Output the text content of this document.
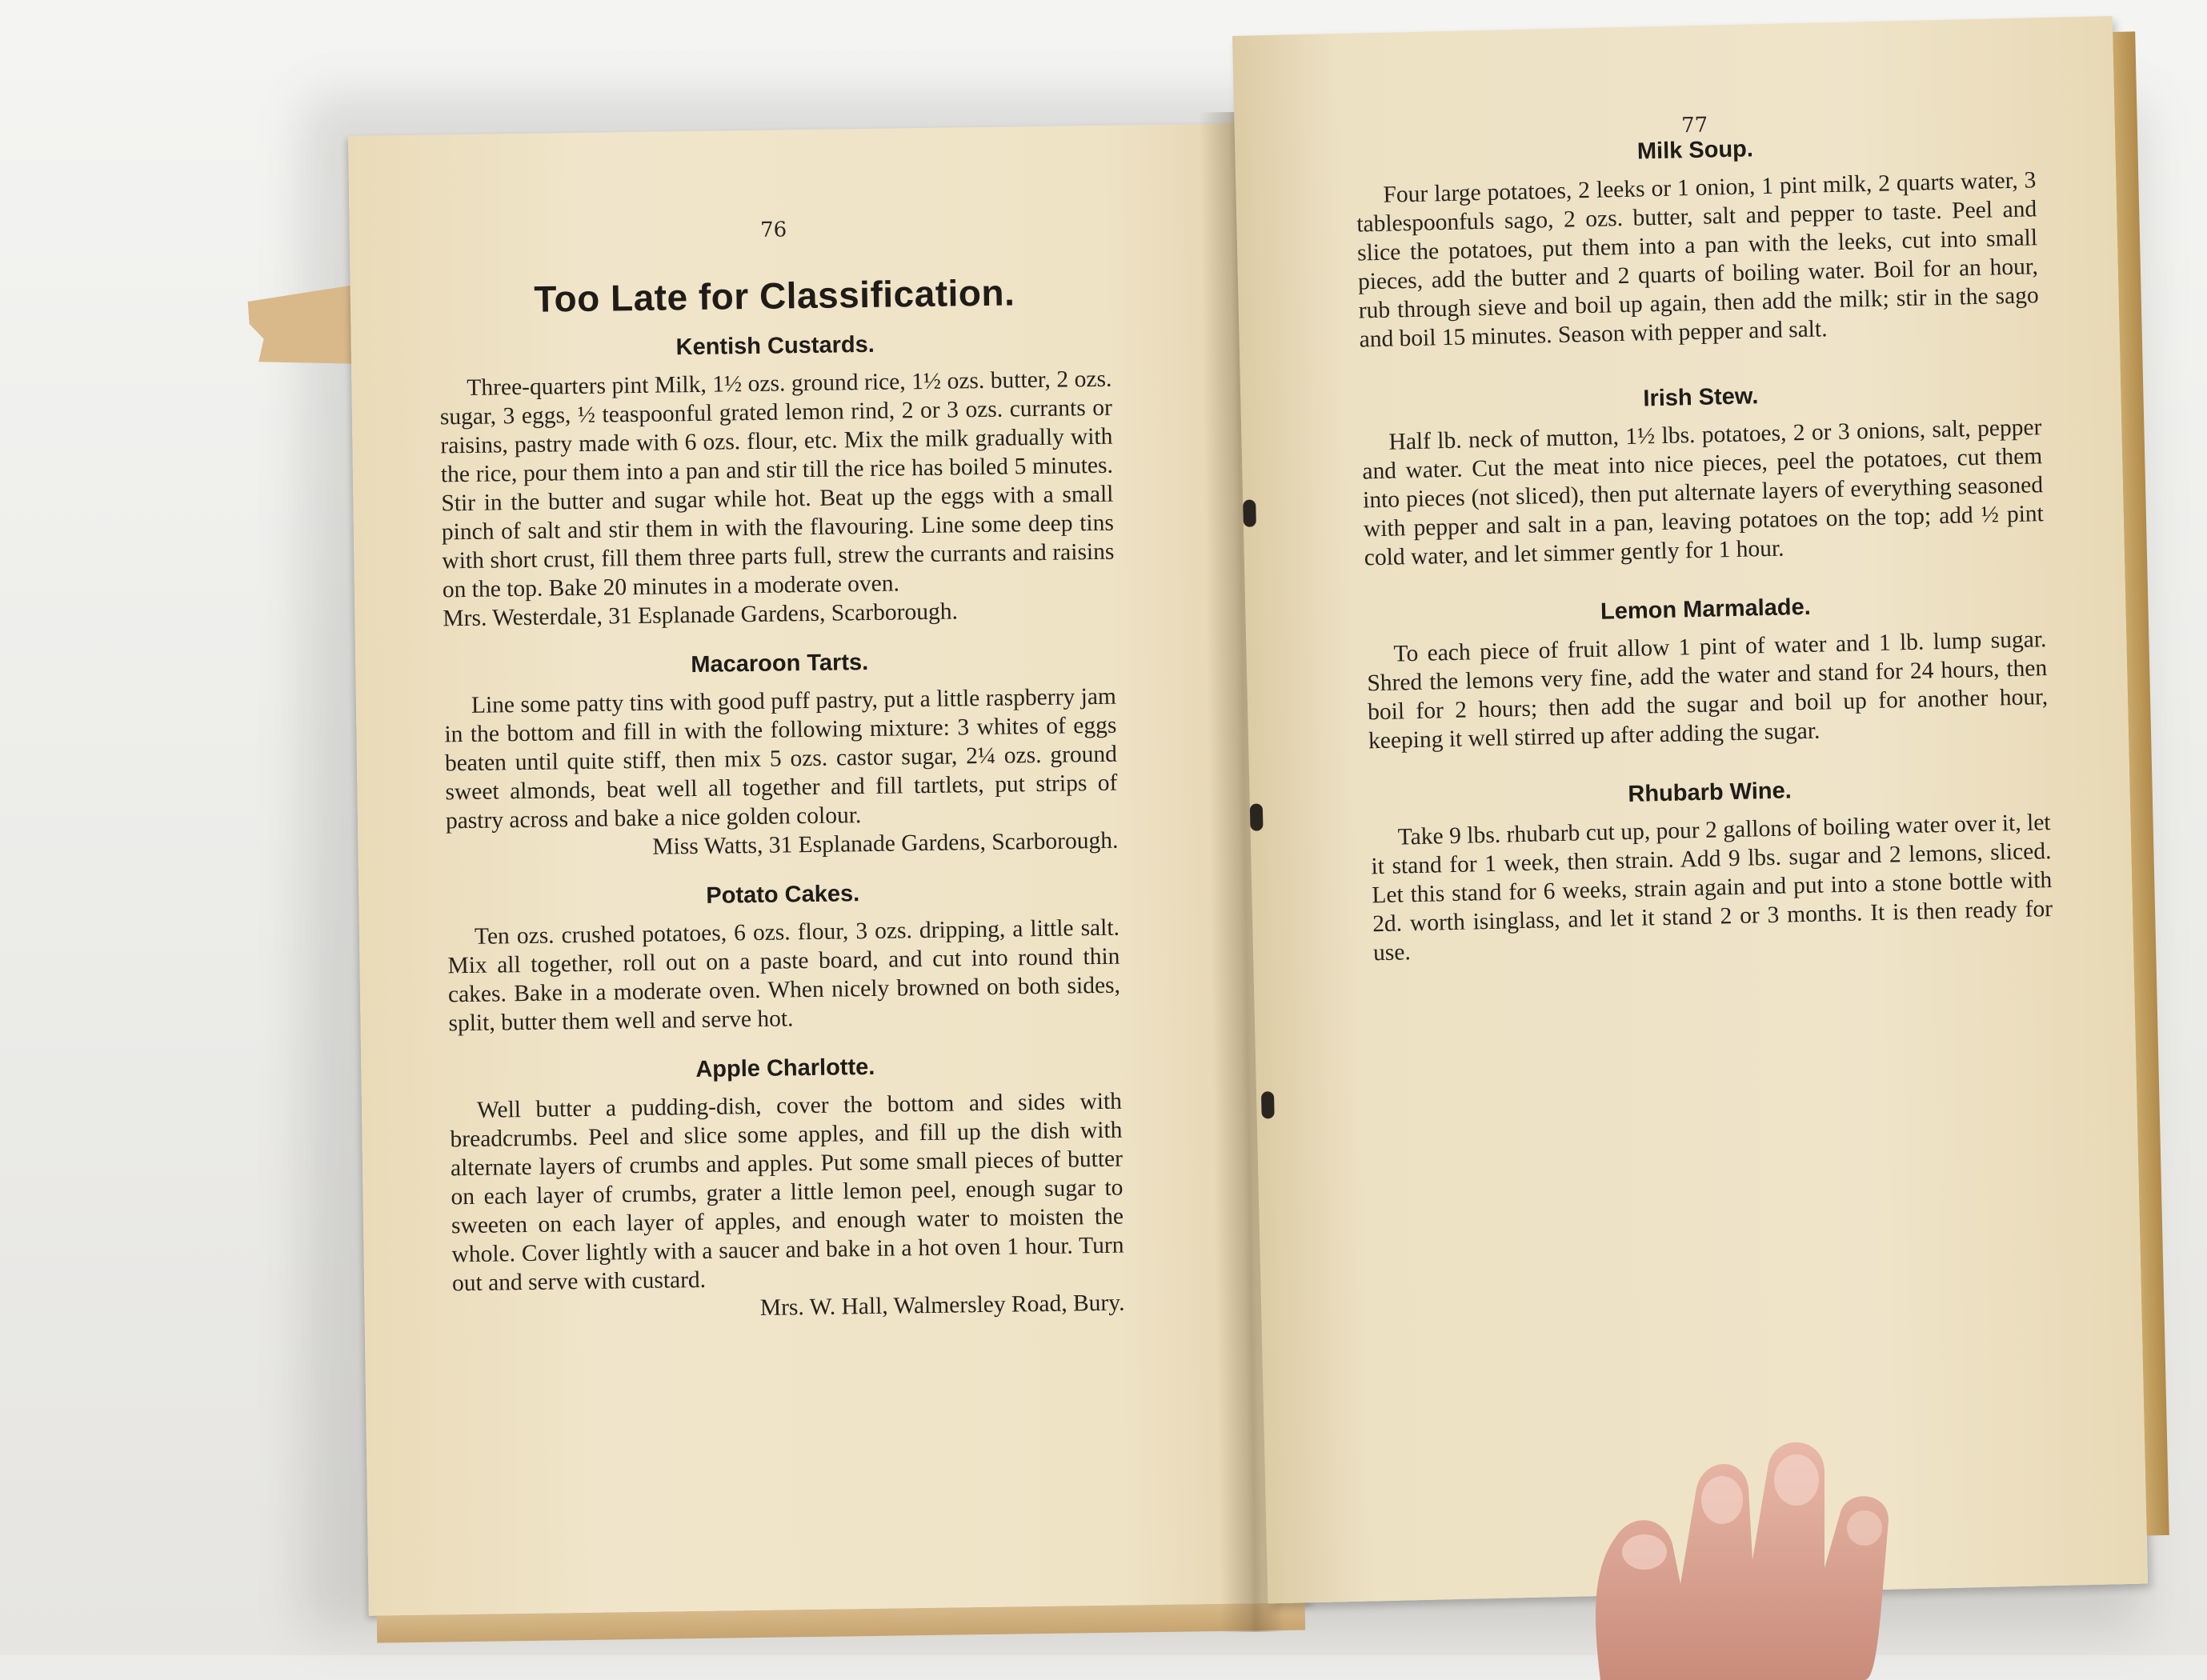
76

Too Late for Classification.
Kentish Custards.

Three-quarters pint Milk, 1½ ozs. ground rice, 1½ ozs. butter, 2 ozs. sugar, 3 eggs, ½ teaspoonful grated lemon rind, 2 or 3 ozs. currants or raisins, pastry made with 6 ozs. flour, etc. Mix the milk gradually with the rice, pour them into a pan and stir till the rice has boiled 5 minutes. Stir in the butter and sugar while hot. Beat up the eggs with a small pinch of salt and stir them in with the flavouring. Line some deep tins with short crust, fill them three parts full, strew the currants and raisins on the top. Bake 20 minutes in a moderate oven.

Mrs. Westerdale, 31 Esplanade Gardens, Scarborough.

Macaroon Tarts.

Line some patty tins with good puff pastry, put a little raspberry jam in the bottom and fill in with the following mixture: 3 whites of eggs beaten until quite stiff, then mix 5 ozs. castor sugar, 2¼ ozs. ground sweet almonds, beat well all together and fill tartlets, put strips of pastry across and bake a nice golden colour.

Miss Watts, 31 Esplanade Gardens, Scarborough.

Potato Cakes.

Ten ozs. crushed potatoes, 6 ozs. flour, 3 ozs. dripping, a little salt. Mix all together, roll out on a paste board, and cut into round thin cakes. Bake in a moderate oven. When nicely browned on both sides, split, butter them well and serve hot.

Apple Charlotte.

Well butter a pudding-dish, cover the bottom and sides with breadcrumbs. Peel and slice some apples, and fill up the dish with alternate layers of crumbs and apples. Put some small pieces of butter on each layer of crumbs, grater a little lemon peel, enough sugar to sweeten on each layer of apples, and enough water to moisten the whole. Cover lightly with a saucer and bake in a hot oven 1 hour. Turn out and serve with custard.

Mrs. W. Hall, Walmersley Road, Bury.

77

Milk Soup.

Four large potatoes, 2 leeks or 1 onion, 1 pint milk, 2 quarts water, 3 tablespoonfuls sago, 2 ozs. butter, salt and pepper to taste. Peel and slice the potatoes, put them into a pan with the leeks, cut into small pieces, add the butter and 2 quarts of boiling water. Boil for an hour, rub through sieve and boil up again, then add the milk; stir in the sago and boil 15 minutes. Season with pepper and salt.

Irish Stew.

Half lb. neck of mutton, 1½ lbs. potatoes, 2 or 3 onions, salt, pepper and water. Cut the meat into nice pieces, peel the potatoes, cut them into pieces (not sliced), then put alternate layers of everything seasoned with pepper and salt in a pan, leaving potatoes on the top; add ½ pint cold water, and let simmer gently for 1 hour.

Lemon Marmalade.

To each piece of fruit allow 1 pint of water and 1 lb. lump sugar. Shred the lemons very fine, add the water and stand for 24 hours, then boil for 2 hours; then add the sugar and boil up for another hour, keeping it well stirred up after adding the sugar.

Rhubarb Wine.

Take 9 lbs. rhubarb cut up, pour 2 gallons of boiling water over it, let it stand for 1 week, then strain. Add 9 lbs. sugar and 2 lemons, sliced. Let this stand for 6 weeks, strain again and put into a stone bottle with 2d. worth isinglass, and let it stand 2 or 3 months. It is then ready for use.
